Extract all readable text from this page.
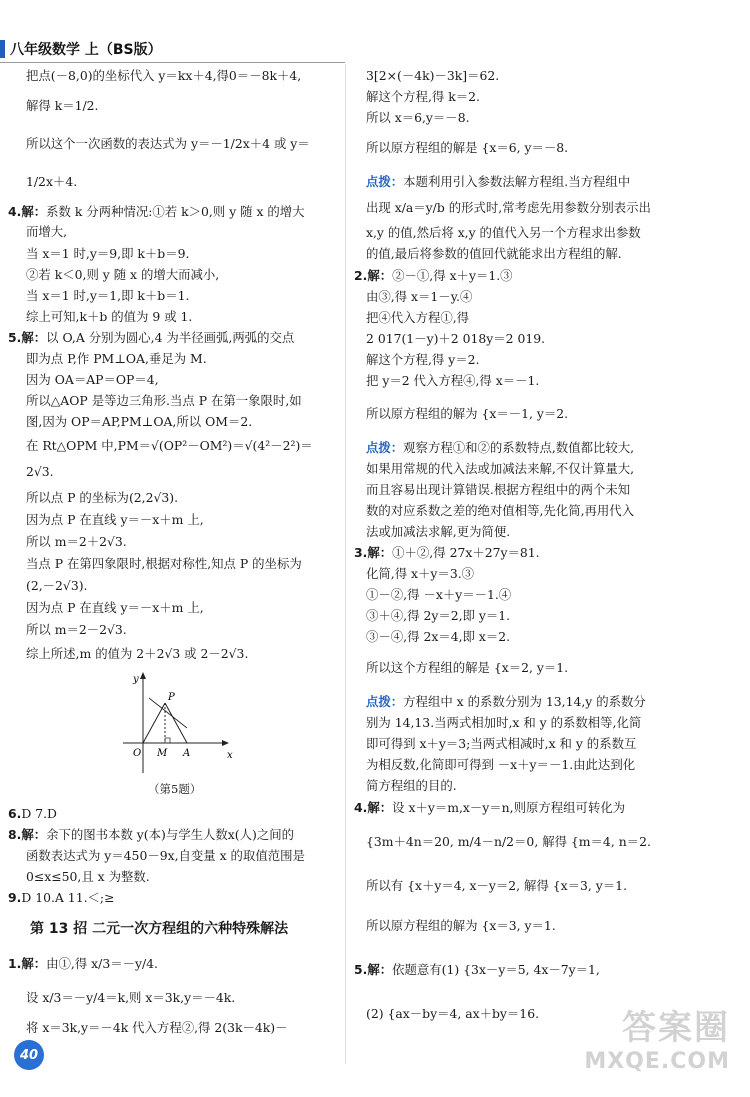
八年级数学 上（BS版）
把点(－8,0)的坐标代入 y＝kx＋4,得0＝－8k＋4,
解得 k＝1/2.
所以这个一次函数的表达式为 y＝－1/2x＋4 或 y＝
1/2x＋4.
4.解：系数 k 分两种情况:①若 k＞0,则 y 随 x 的增大
而增大,
当 x＝1 时,y＝9,即 k＋b＝9.
②若 k＜0,则 y 随 x 的增大而减小,
当 x＝1 时,y＝1,即 k＋b＝1.
综上可知,k＋b 的值为 9 或 1.
5.解：以 O,A 分别为圆心,4 为半径画弧,两弧的交点
即为点 P,作 PM⊥OA,垂足为 M.
因为 OA＝AP＝OP＝4,
所以△AOP 是等边三角形.当点 P 在第一象限时,如
图,因为 OP＝AP,PM⊥OA,所以 OM＝2.
在 Rt△OPM 中,PM＝√(OP²－OM²)＝√(4²－2²)＝
2√3.
所以点 P 的坐标为(2,2√3).
因为点 P 在直线 y＝－x＋m 上,
所以 m＝2＋2√3.
当点 P 在第四象限时,根据对称性,知点 P 的坐标为
(2,－2√3).
因为点 P 在直线 y＝－x＋m 上,
所以 m＝2－2√3.
综上所述,m 的值为 2＋2√3 或 2－2√3.
y
x
P
O M A
（第5题）
6.D 7.D
8.解：余下的图书本数 y(本)与学生人数x(人)之间的
函数表达式为 y＝450－9x,自变量 x 的取值范围是
0≤x≤50,且 x 为整数.
9.D 10.A 11.＜;≥
第 13 招 二元一次方程组的六种特殊解法
1.解：由①,得 x/3＝－y/4.
设 x/3＝－y/4＝k,则 x＝3k,y＝－4k.
将 x＝3k,y＝－4k 代入方程②,得 2(3k－4k)－
3[2×(－4k)－3k]＝62.
解这个方程,得 k＝2.
所以 x＝6,y＝－8.
所以原方程组的解是 {x＝6, y＝－8.
点拨：本题利用引入参数法解方程组.当方程组中
出现 x/a＝y/b 的形式时,常考虑先用参数分别表示出
x,y 的值,然后将 x,y 的值代入另一个方程求出参数
的值,最后将参数的值回代就能求出方程组的解.
2.解：②－①,得 x＋y＝1.③
由③,得 x＝1－y.④
把④代入方程①,得
2 017(1－y)＋2 018y＝2 019.
解这个方程,得 y＝2.
把 y＝2 代入方程④,得 x＝－1.
所以原方程组的解为 {x＝－1, y＝2.
点拨：观察方程①和②的系数特点,数值都比较大,
如果用常规的代入法或加减法来解,不仅计算量大,
而且容易出现计算错误.根据方程组中的两个未知
数的对应系数之差的绝对值相等,先化简,再用代入
法或加减法求解,更为简便.
3.解：①＋②,得 27x＋27y＝81.
化简,得 x＋y＝3.③
①－②,得 －x＋y＝－1.④
③＋④,得 2y＝2,即 y＝1.
③－④,得 2x＝4,即 x＝2.
所以这个方程组的解是 {x＝2, y＝1.
点拨：方程组中 x 的系数分别为 13,14,y 的系数分
别为 14,13.当两式相加时,x 和 y 的系数相等,化简
即可得到 x＋y＝3;当两式相减时,x 和 y 的系数互
为相反数,化简即可得到 －x＋y＝－1.由此达到化
简方程组的目的.
4.解：设 x＋y＝m,x－y＝n,则原方程组可转化为
{3m＋4n＝20, m/4－n/2＝0, 解得 {m＝4, n＝2.
所以有 {x＋y＝4, x－y＝2, 解得 {x＝3, y＝1.
所以原方程组的解为 {x＝3, y＝1.
5.解：依题意有(1) {3x－y＝5, 4x－7y＝1,
(2) {ax－by＝4, ax＋by＝16.
40
答案圈
MXQE.COM
